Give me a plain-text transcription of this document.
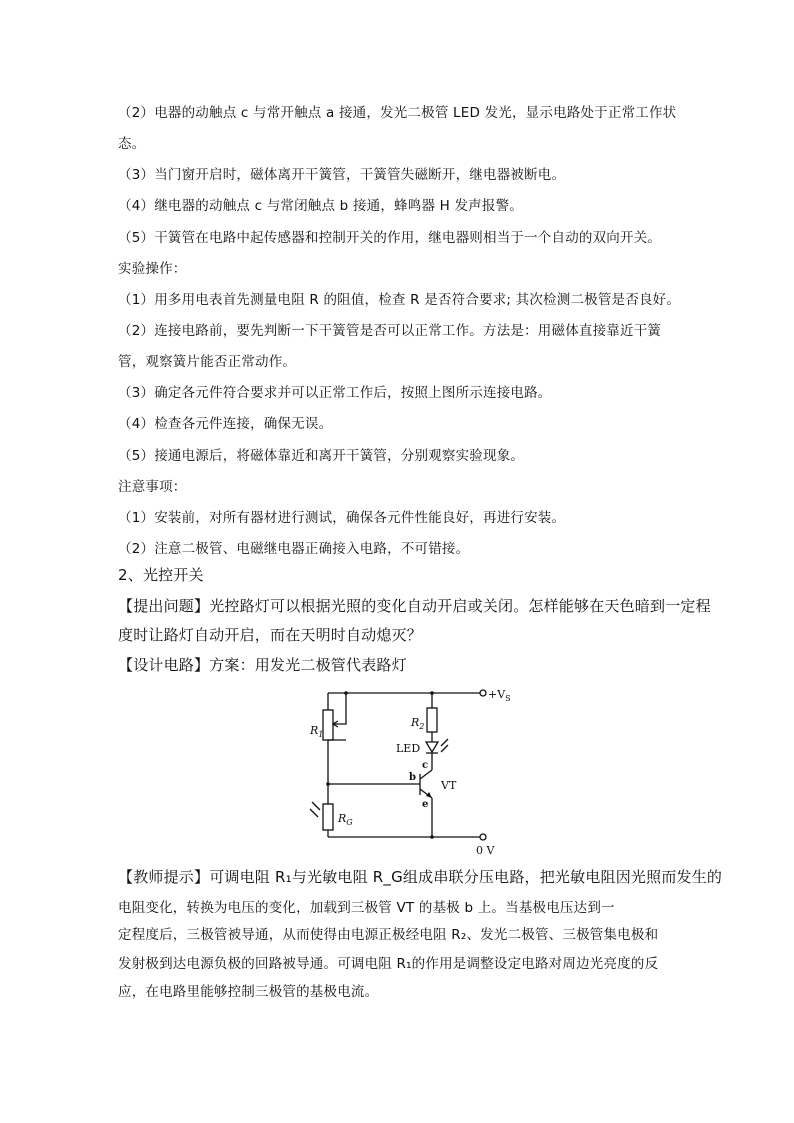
（2）电器的动触点 c 与常开触点 a 接通，发光二极管 LED 发光，显示电路处于正常工作状
态。
（3）当门窗开启时，磁体离开干簧管，干簧管失磁断开，继电器被断电。
（4）继电器的动触点 c 与常闭触点 b 接通，蜂鸣器 H 发声报警。
（5）干簧管在电路中起传感器和控制开关的作用，继电器则相当于一个自动的双向开关。
实验操作：
（1）用多用电表首先测量电阻 R 的阻值，检查 R 是否符合要求; 其次检测二极管是否良好。
（2）连接电路前，要先判断一下干簧管是否可以正常工作。方法是：用磁体直接靠近干簧
管，观察簧片能否正常动作。
（3）确定各元件符合要求并可以正常工作后，按照上图所示连接电路。
（4）检查各元件连接，确保无误。
（5）接通电源后，将磁体靠近和离开干簧管，分别观察实验现象。
注意事项：
（1）安装前，对所有器材进行测试，确保各元件性能良好，再进行安装。
（2）注意二极管、电磁继电器正确接入电路，不可错接。
2、光控开关
【提出问题】光控路灯可以根据光照的变化自动开启或关闭。怎样能够在天色暗到一定程
度时让路灯自动开启，而在天明时自动熄灭？
【设计电路】方案：用发光二极管代表路灯
$+V_S$
$R_1$
$R_2$
LED
$R_G$
VT
b
c
e
0 V
【教师提示】可调电阻 R₁与光敏电阻 R_G组成串联分压电路，把光敏电阻因光照而发生的
电阻变化，转换为电压的变化，加载到三极管 VT 的基极 b 上。当基极电压达到一
定程度后，三极管被导通，从而使得由电源正极经电阻 R₂、发光二极管、三极管集电极和
发射极到达电源负极的回路被导通。可调电阻 R₁的作用是调整设定电路对周边光亮度的反
应，在电路里能够控制三极管的基极电流。
